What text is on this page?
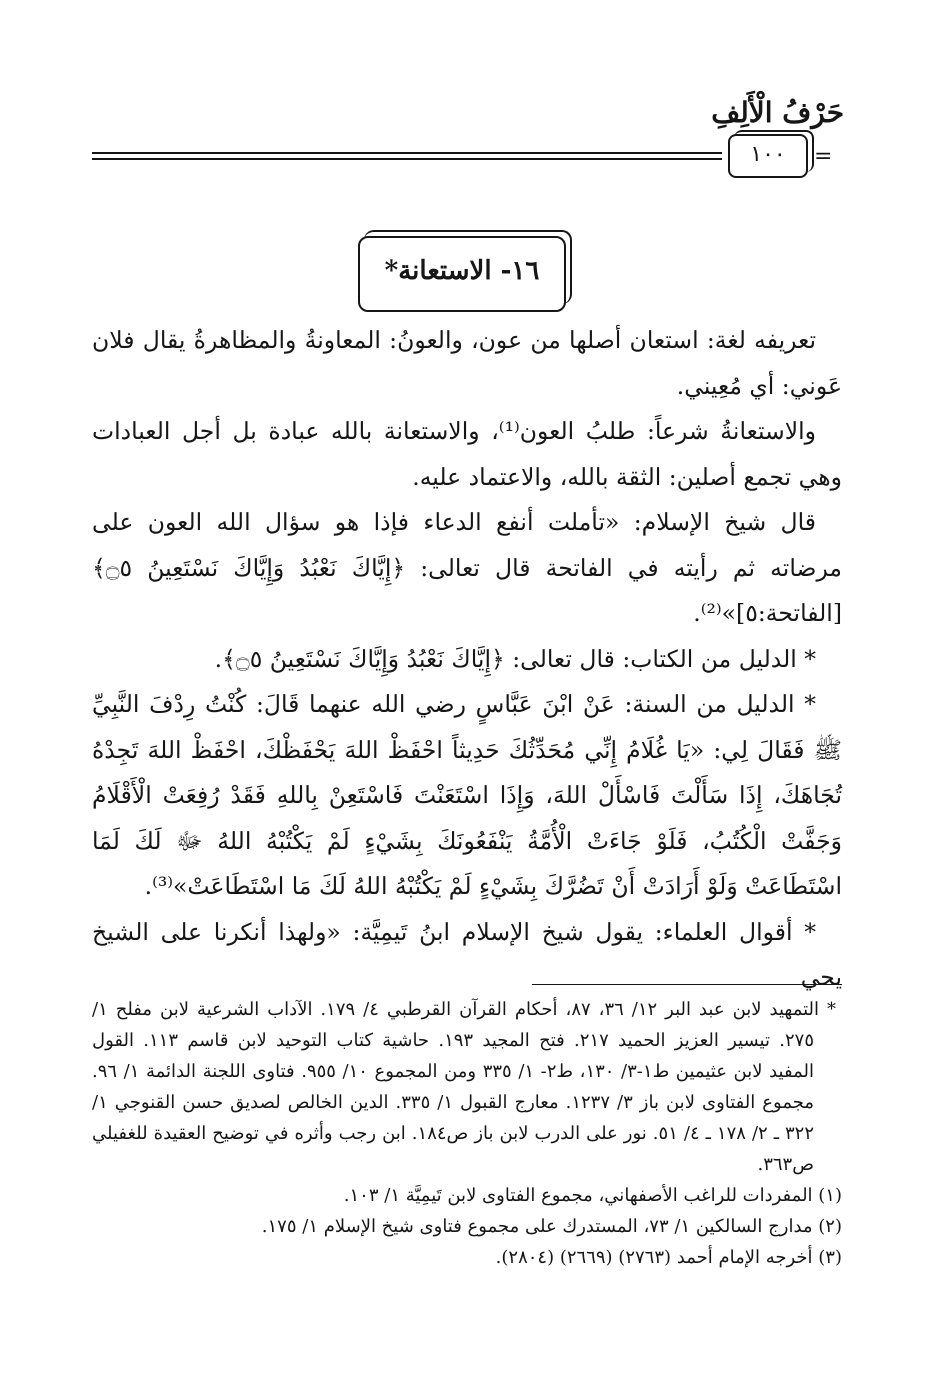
حَرْفُ الْأَلِفِ
١٠٠	=
١٦- الاستعانة*

تعريفه لغة: استعان أصلها من عون، والعونُ: المعاونةُ والمظاهرةُ يقال فلان عَوني: أي مُعِيني.

والاستعانةُ شرعاً: طلبُ العون⁽¹⁾، والاستعانة بالله عبادة بل أجل العبادات وهي تجمع أصلين: الثقة بالله، والاعتماد عليه.

قال شيخ الإسلام: «تأملت أنفع الدعاء فإذا هو سؤال الله العون على مرضاته ثم رأيته في الفاتحة قال تعالى: ﴿إِيَّاكَ نَعْبُدُ وَإِيَّاكَ نَسْتَعِينُ ۝٥﴾ [الفاتحة:٥]»⁽²⁾.

* الدليل من الكتاب: قال تعالى: ﴿إِيَّاكَ نَعْبُدُ وَإِيَّاكَ نَسْتَعِينُ ۝٥﴾.

* الدليل من السنة: عَنْ ابْنَ عَبَّاسٍ رضي الله عنهما قَالَ: كُنْتُ رِدْفَ النَّبِيِّ ﷺ فَقَالَ لِي: «يَا غُلَامُ إِنِّي مُحَدِّثُكَ حَدِيثاً احْفَظْ اللهَ يَحْفَظْكَ، احْفَظْ اللهَ تَجِدْهُ تُجَاهَكَ، إِذَا سَأَلْتَ فَاسْأَلْ اللهَ، وَإِذَا اسْتَعَنْتَ فَاسْتَعِنْ بِاللهِ فَقَدْ رُفِعَتْ الْأَقْلَامُ وَجَفَّتْ الْكُتُبُ، فَلَوْ جَاءَتْ الْأُمَّةُ يَنْفَعُونَكَ بِشَيْءٍ لَمْ يَكْتُبْهُ اللهُ ﷻ لَكَ لَمَا اسْتَطَاعَتْ وَلَوْ أَرَادَتْ أَنْ تَضُرَّكَ بِشَيْءٍ لَمْ يَكْتُبْهُ اللهُ لَكَ مَا اسْتَطَاعَتْ»⁽³⁾.

* أقوال العلماء: يقول شيخ الإسلام ابنُ تَيمِيَّة: «ولهذا أنكرنا على الشيخ يحي

* التمهيد لابن عبد البر ١٢/ ٣٦، ٨٧، أحكام القرآن القرطبي ٤/ ١٧٩. الآداب الشرعية لابن مفلح ١/ ٢٧٥. تيسير العزيز الحميد ٢١٧. فتح المجيد ١٩٣. حاشية كتاب التوحيد لابن قاسم ١١٣. القول المفيد لابن عثيمين ط١-٣/ ١٣٠، ط٢- ١/ ٣٣٥ ومن المجموع ١٠/ ٩٥٥. فتاوى اللجنة الدائمة ١/ ٩٦. مجموع الفتاوى لابن باز ٣/ ١٢٣٧. معارج القبول ١/ ٣٣٥. الدين الخالص لصديق حسن القنوجي ١/ ٣٢٢ ـ ٢/ ١٧٨ ـ ٤/ ٥١. نور على الدرب لابن باز ص١٨٤. ابن رجب وأثره في توضيح العقيدة للغفيلي ص٣٦٣.

(١) المفردات للراغب الأصفهاني، مجموع الفتاوى لابن تَيمِيَّة ١/ ١٠٣.

(٢) مدارج السالكين ١/ ٧٣، المستدرك على مجموع فتاوى شيخ الإسلام ١/ ١٧٥.

(٣) أخرجه الإمام أحمد (٢٧٦٣) (٢٦٦٩) (٢٨٠٤).
